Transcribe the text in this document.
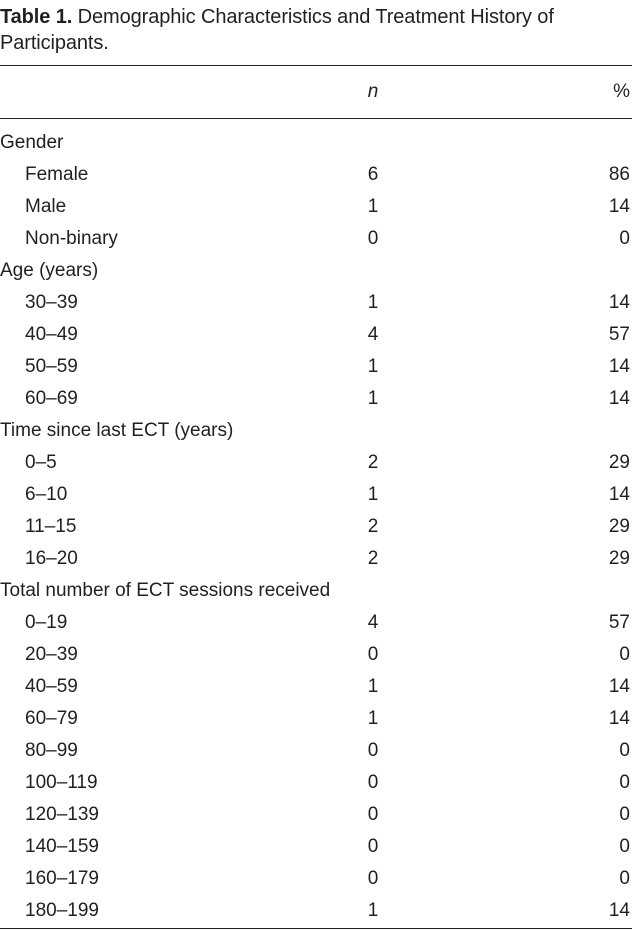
Table 1. Demographic Characteristics and Treatment History of Participants.
n	%
Gender
Female	6	86
Male	1	14
Non-binary	0	0
Age (years)
30–39	1	14
40–49	4	57
50–59	1	14
60–69	1	14
Time since last ECT (years)
0–5	2	29
6–10	1	14
11–15	2	29
16–20	2	29
Total number of ECT sessions received
0–19	4	57
20–39	0	0
40–59	1	14
60–79	1	14
80–99	0	0
100–119	0	0
120–139	0	0
140–159	0	0
160–179	0	0
180–199	1	14
